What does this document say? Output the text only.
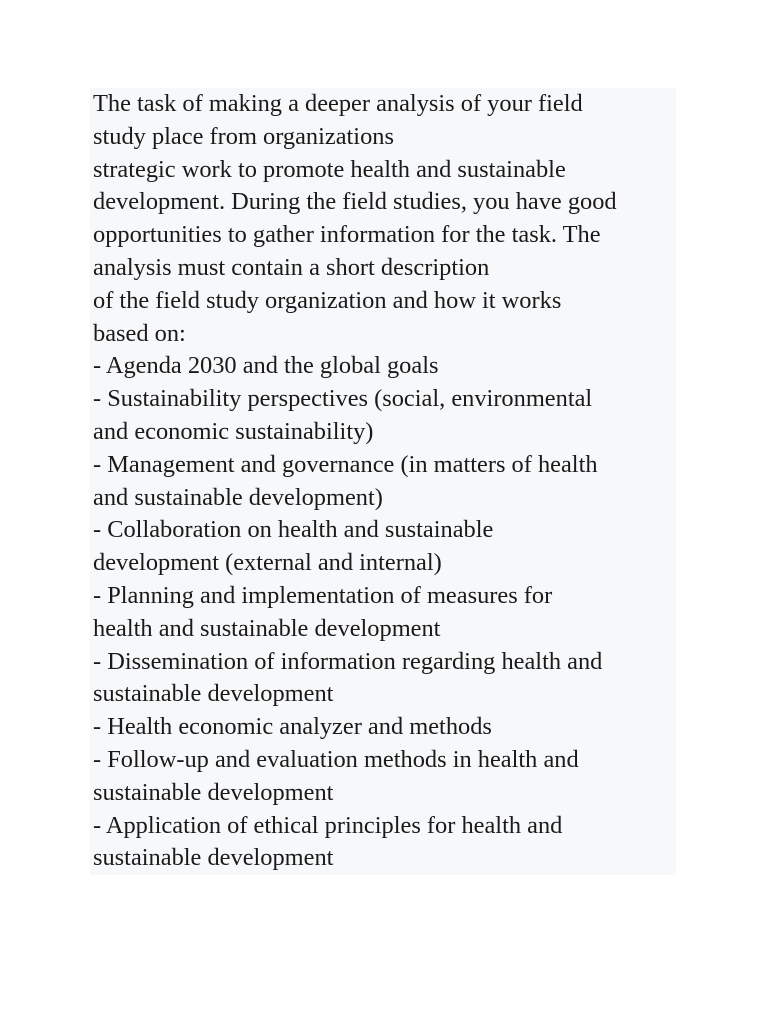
The task of making a deeper analysis of your field
study place from organizations
strategic work to promote health and sustainable
development. During the field studies, you have good
opportunities to gather information for the task. The
analysis must contain a short description
of the field study organization and how it works
based on:
- Agenda 2030 and the global goals
- Sustainability perspectives (social, environmental
and economic sustainability)
- Management and governance (in matters of health
and sustainable development)
- Collaboration on health and sustainable
development (external and internal)
- Planning and implementation of measures for
health and sustainable development
- Dissemination of information regarding health and
sustainable development
- Health economic analyzer and methods
- Follow-up and evaluation methods in health and
sustainable development
- Application of ethical principles for health and
sustainable development
